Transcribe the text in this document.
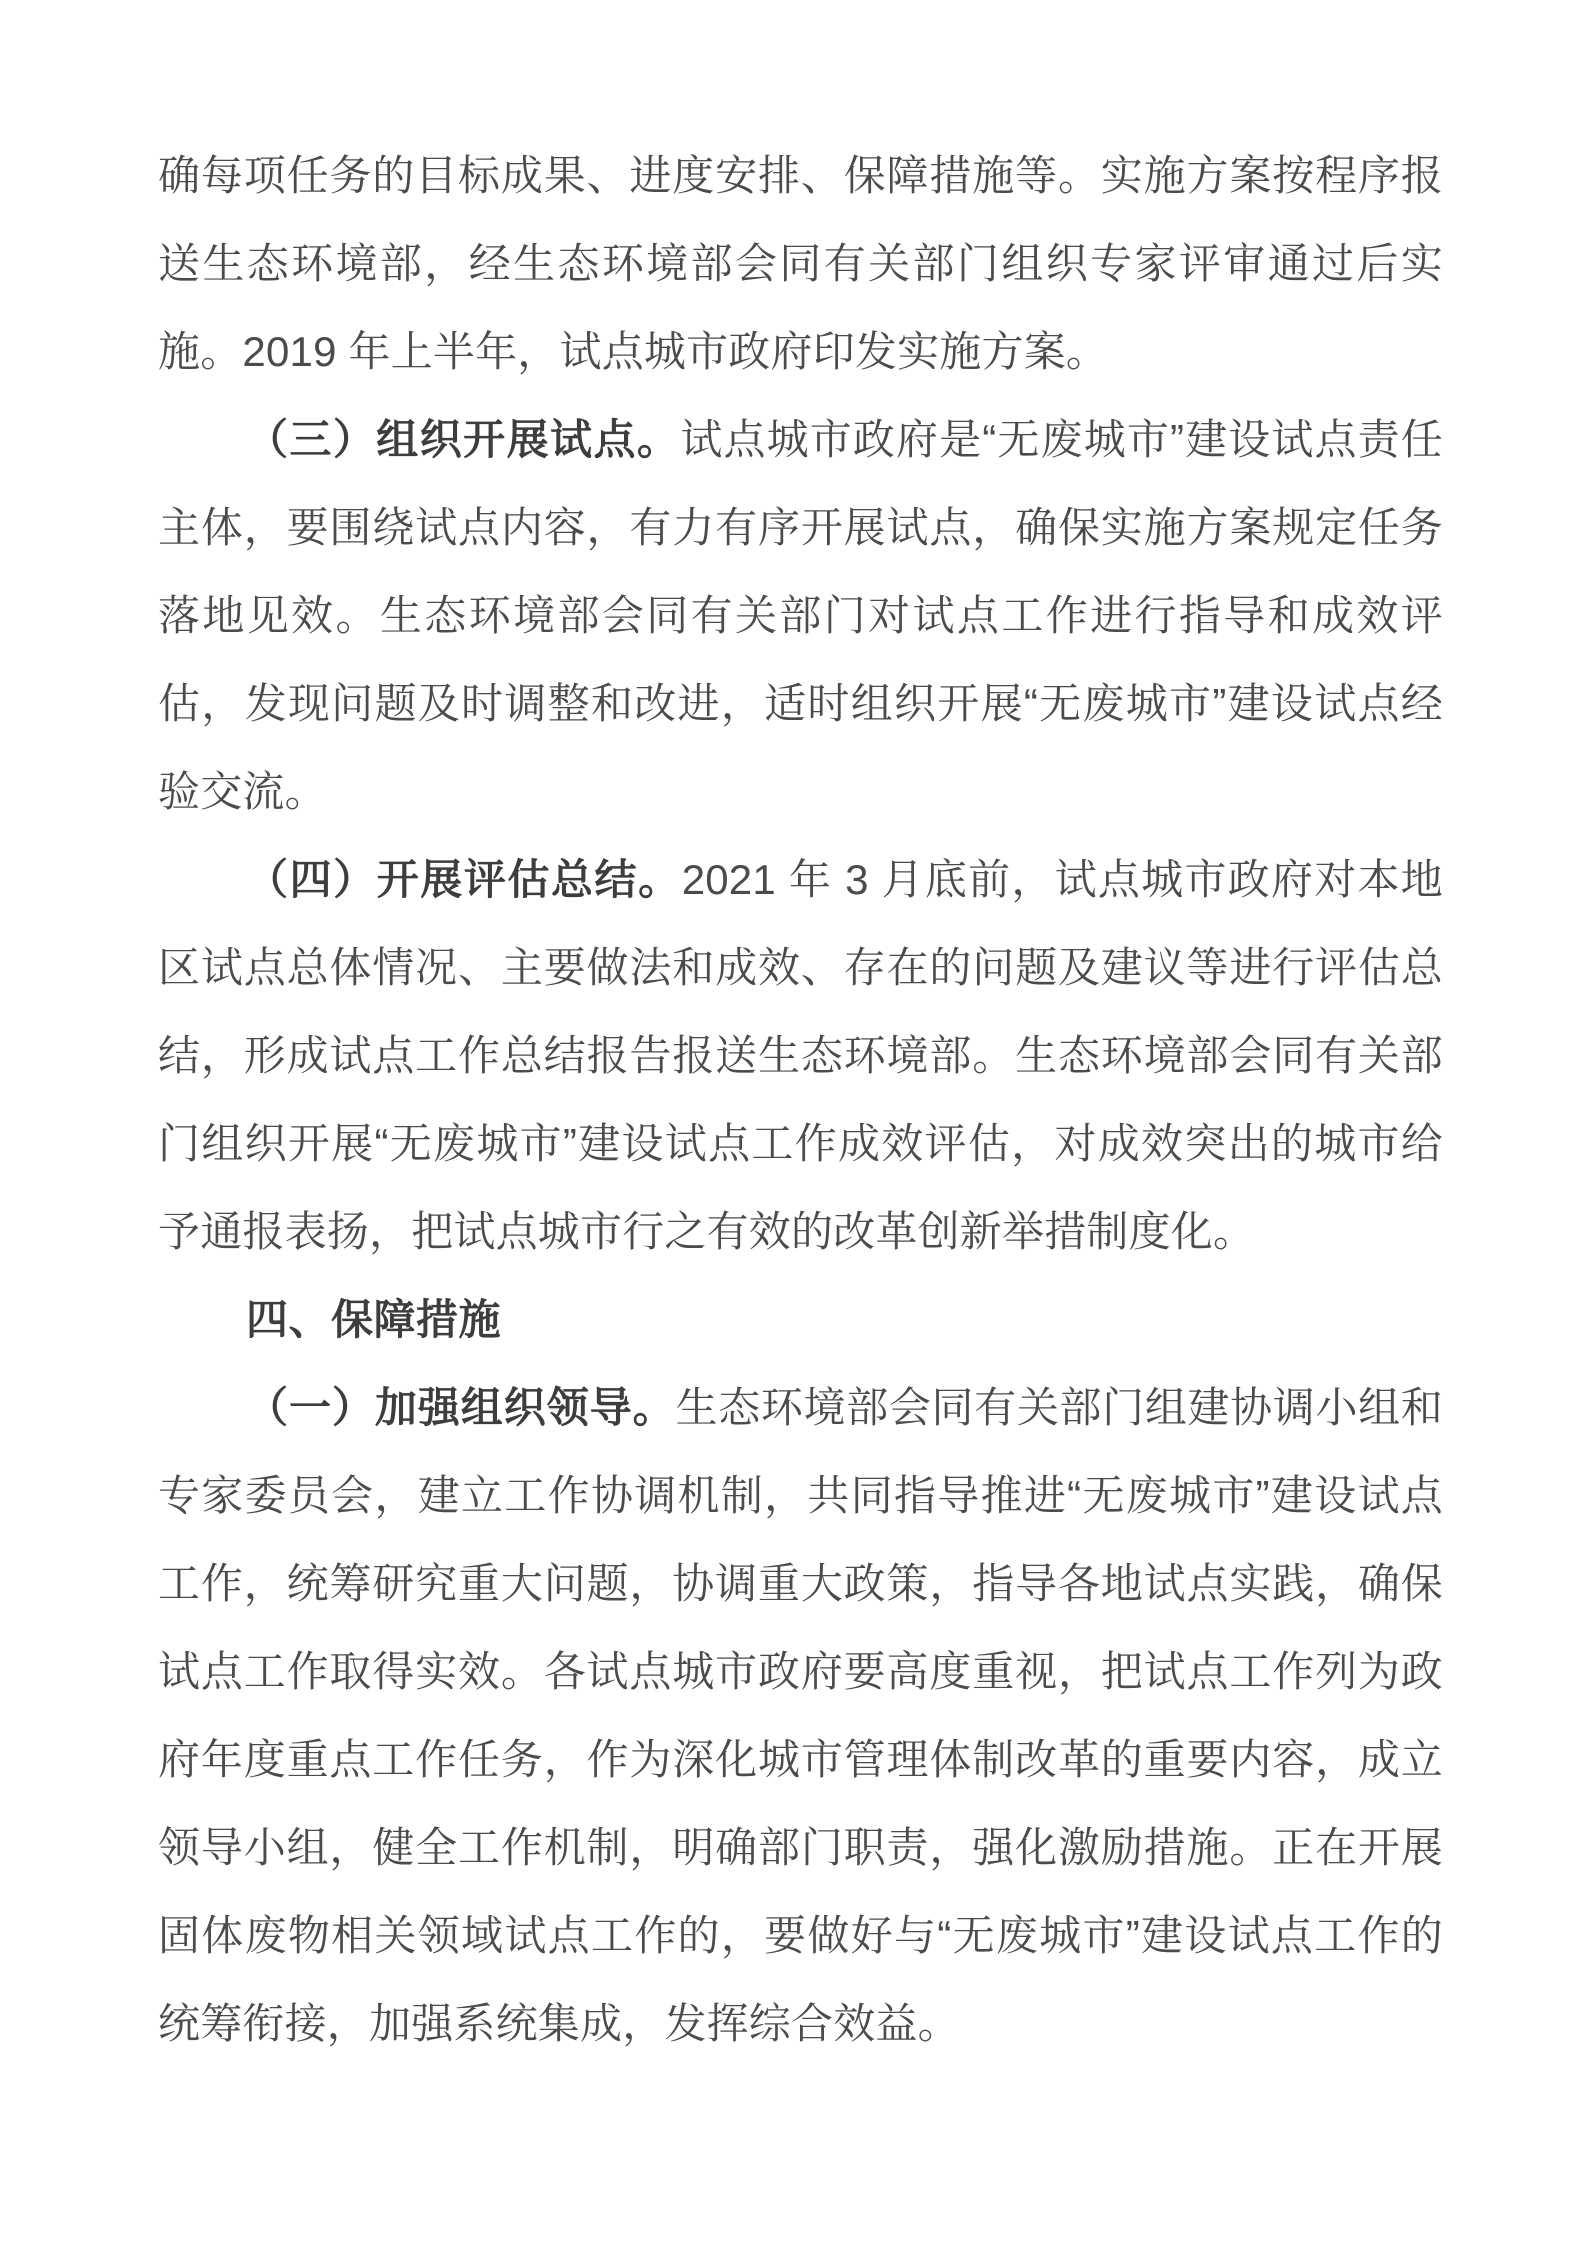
确每项任务的目标成果、进度安排、保障措施等。实施方案按程序报送生态环境部，经生态环境部会同有关部门组织专家评审通过后实施。2019 年上半年，试点城市政府印发实施方案。

（三）组织开展试点。试点城市政府是“无废城市”建设试点责任主体，要围绕试点内容，有力有序开展试点，确保实施方案规定任务落地见效。生态环境部会同有关部门对试点工作进行指导和成效评估，发现问题及时调整和改进，适时组织开展“无废城市”建设试点经验交流。

（四）开展评估总结。2021 年 3 月底前，试点城市政府对本地区试点总体情况、主要做法和成效、存在的问题及建议等进行评估总结，形成试点工作总结报告报送生态环境部。生态环境部会同有关部门组织开展“无废城市”建设试点工作成效评估，对成效突出的城市给予通报表扬，把试点城市行之有效的改革创新举措制度化。

四、保障措施

（一）加强组织领导。生态环境部会同有关部门组建协调小组和专家委员会，建立工作协调机制，共同指导推进“无废城市”建设试点工作，统筹研究重大问题，协调重大政策，指导各地试点实践，确保试点工作取得实效。各试点城市政府要高度重视，把试点工作列为政府年度重点工作任务，作为深化城市管理体制改革的重要内容，成立领导小组，健全工作机制，明确部门职责，强化激励措施。正在开展固体废物相关领域试点工作的，要做好与“无废城市”建设试点工作的统筹衔接，加强系统集成，发挥综合效益。
